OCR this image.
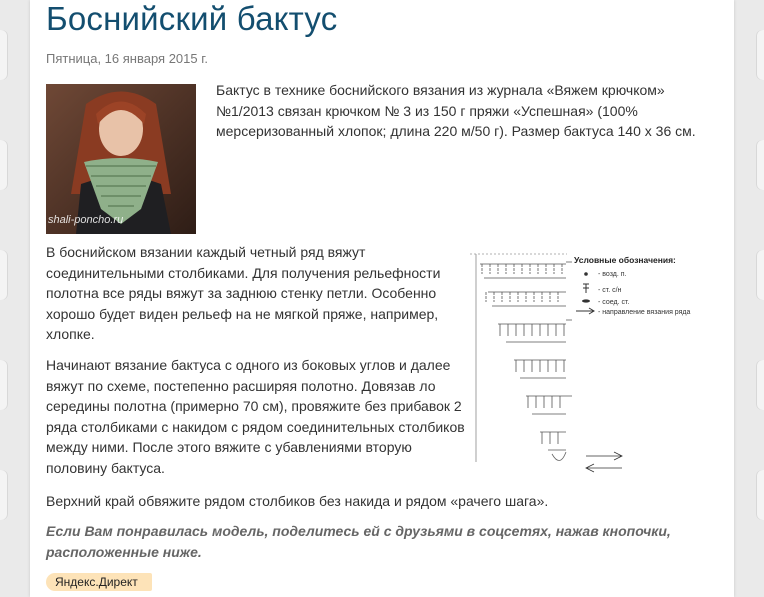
Боснийский бактус
Пятница, 16 января 2015 г.
shali-poncho.ru
Бактус в технике боснийского вязания из журнала «Вяжем крючком» №1/2013 связан крючком № 3 из 150 г пряжи «Успешная» (100% мерсеризованный хлопок; длина 220 м/50 г). Размер бактуса 140 х 36 см.
В боснийском вязании каждый четный ряд вяжут соединительными столбиками. Для получения рельефности полотна все ряды вяжут за заднюю стенку петли. Особенно хорошо будет виден рельеф на не мягкой пряже, например, хлопке.
Начинают вязание бактуса с одного из боковых углов и далее вяжут по схеме, постепенно расширяя полотно. Довязав ло середины полотна (примерно 70 см), провяжите без прибавок 2 ряда столбиками с накидом с рядом соединительных столбиков между ними. После этого вяжите с убавлениями вторую половину бактуса.
Условные обозначения:
- возд. п.
- ст. с/н
- соед. ст.
- направление вязания ряда
Верхний край обвяжите рядом столбиков без накида и рядом «рачего шага».
Если Вам понравилась модель, поделитесь ей с друзьями в соцсетях, нажав кнопочки, расположенные ниже.
Яндекс.Директ
